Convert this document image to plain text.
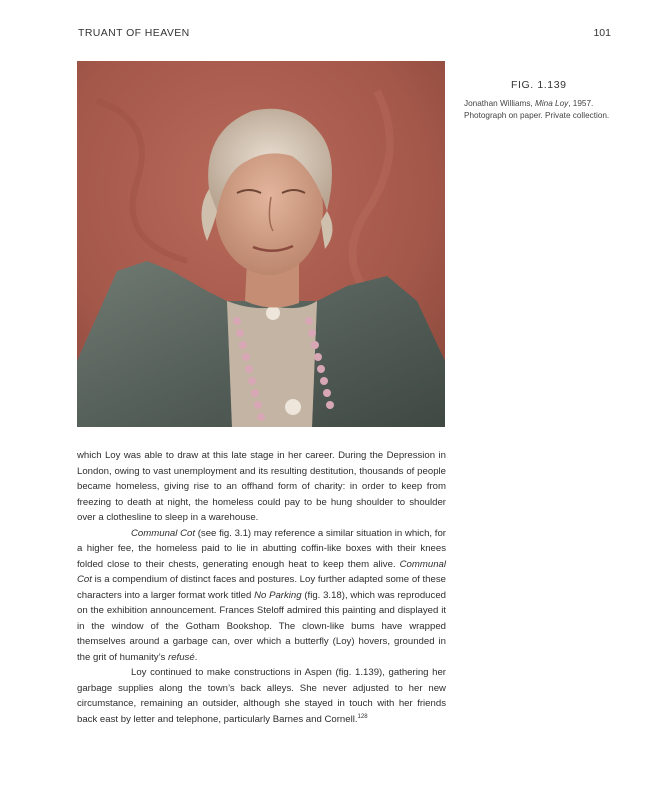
TRUANT OF HEAVEN	101
FIG. 1.139
Jonathan Williams, Mina Loy, 1957. Photograph on paper. Private collection.

which Loy was able to draw at this late stage in her career. During the Depression in London, owing to vast unemployment and its resulting destitution, thousands of people became homeless, giving rise to an offhand form of charity: in order to keep from freezing to death at night, the homeless could pay to be hung shoulder to shoulder over a clothesline to sleep in a warehouse.

Communal Cot (see fig. 3.1) may reference a similar situation in which, for a higher fee, the homeless paid to lie in abutting coffin-like boxes with their knees folded close to their chests, generating enough heat to keep them alive. Communal Cot is a compendium of distinct faces and postures. Loy further adapted some of these characters into a larger format work titled No Parking (fig. 3.18), which was reproduced on the exhibition announcement. Frances Steloff admired this painting and displayed it in the window of the Gotham Bookshop. The clown-like bums have wrapped themselves around a garbage can, over which a butterfly (Loy) hovers, grounded in the grit of humanity’s refusé.

Loy continued to make constructions in Aspen (fig. 1.139), gathering her garbage supplies along the town’s back alleys. She never adjusted to her new circumstance, remaining an outsider, although she stayed in touch with her friends back east by letter and telephone, particularly Barnes and Cornell.$^{128}$
